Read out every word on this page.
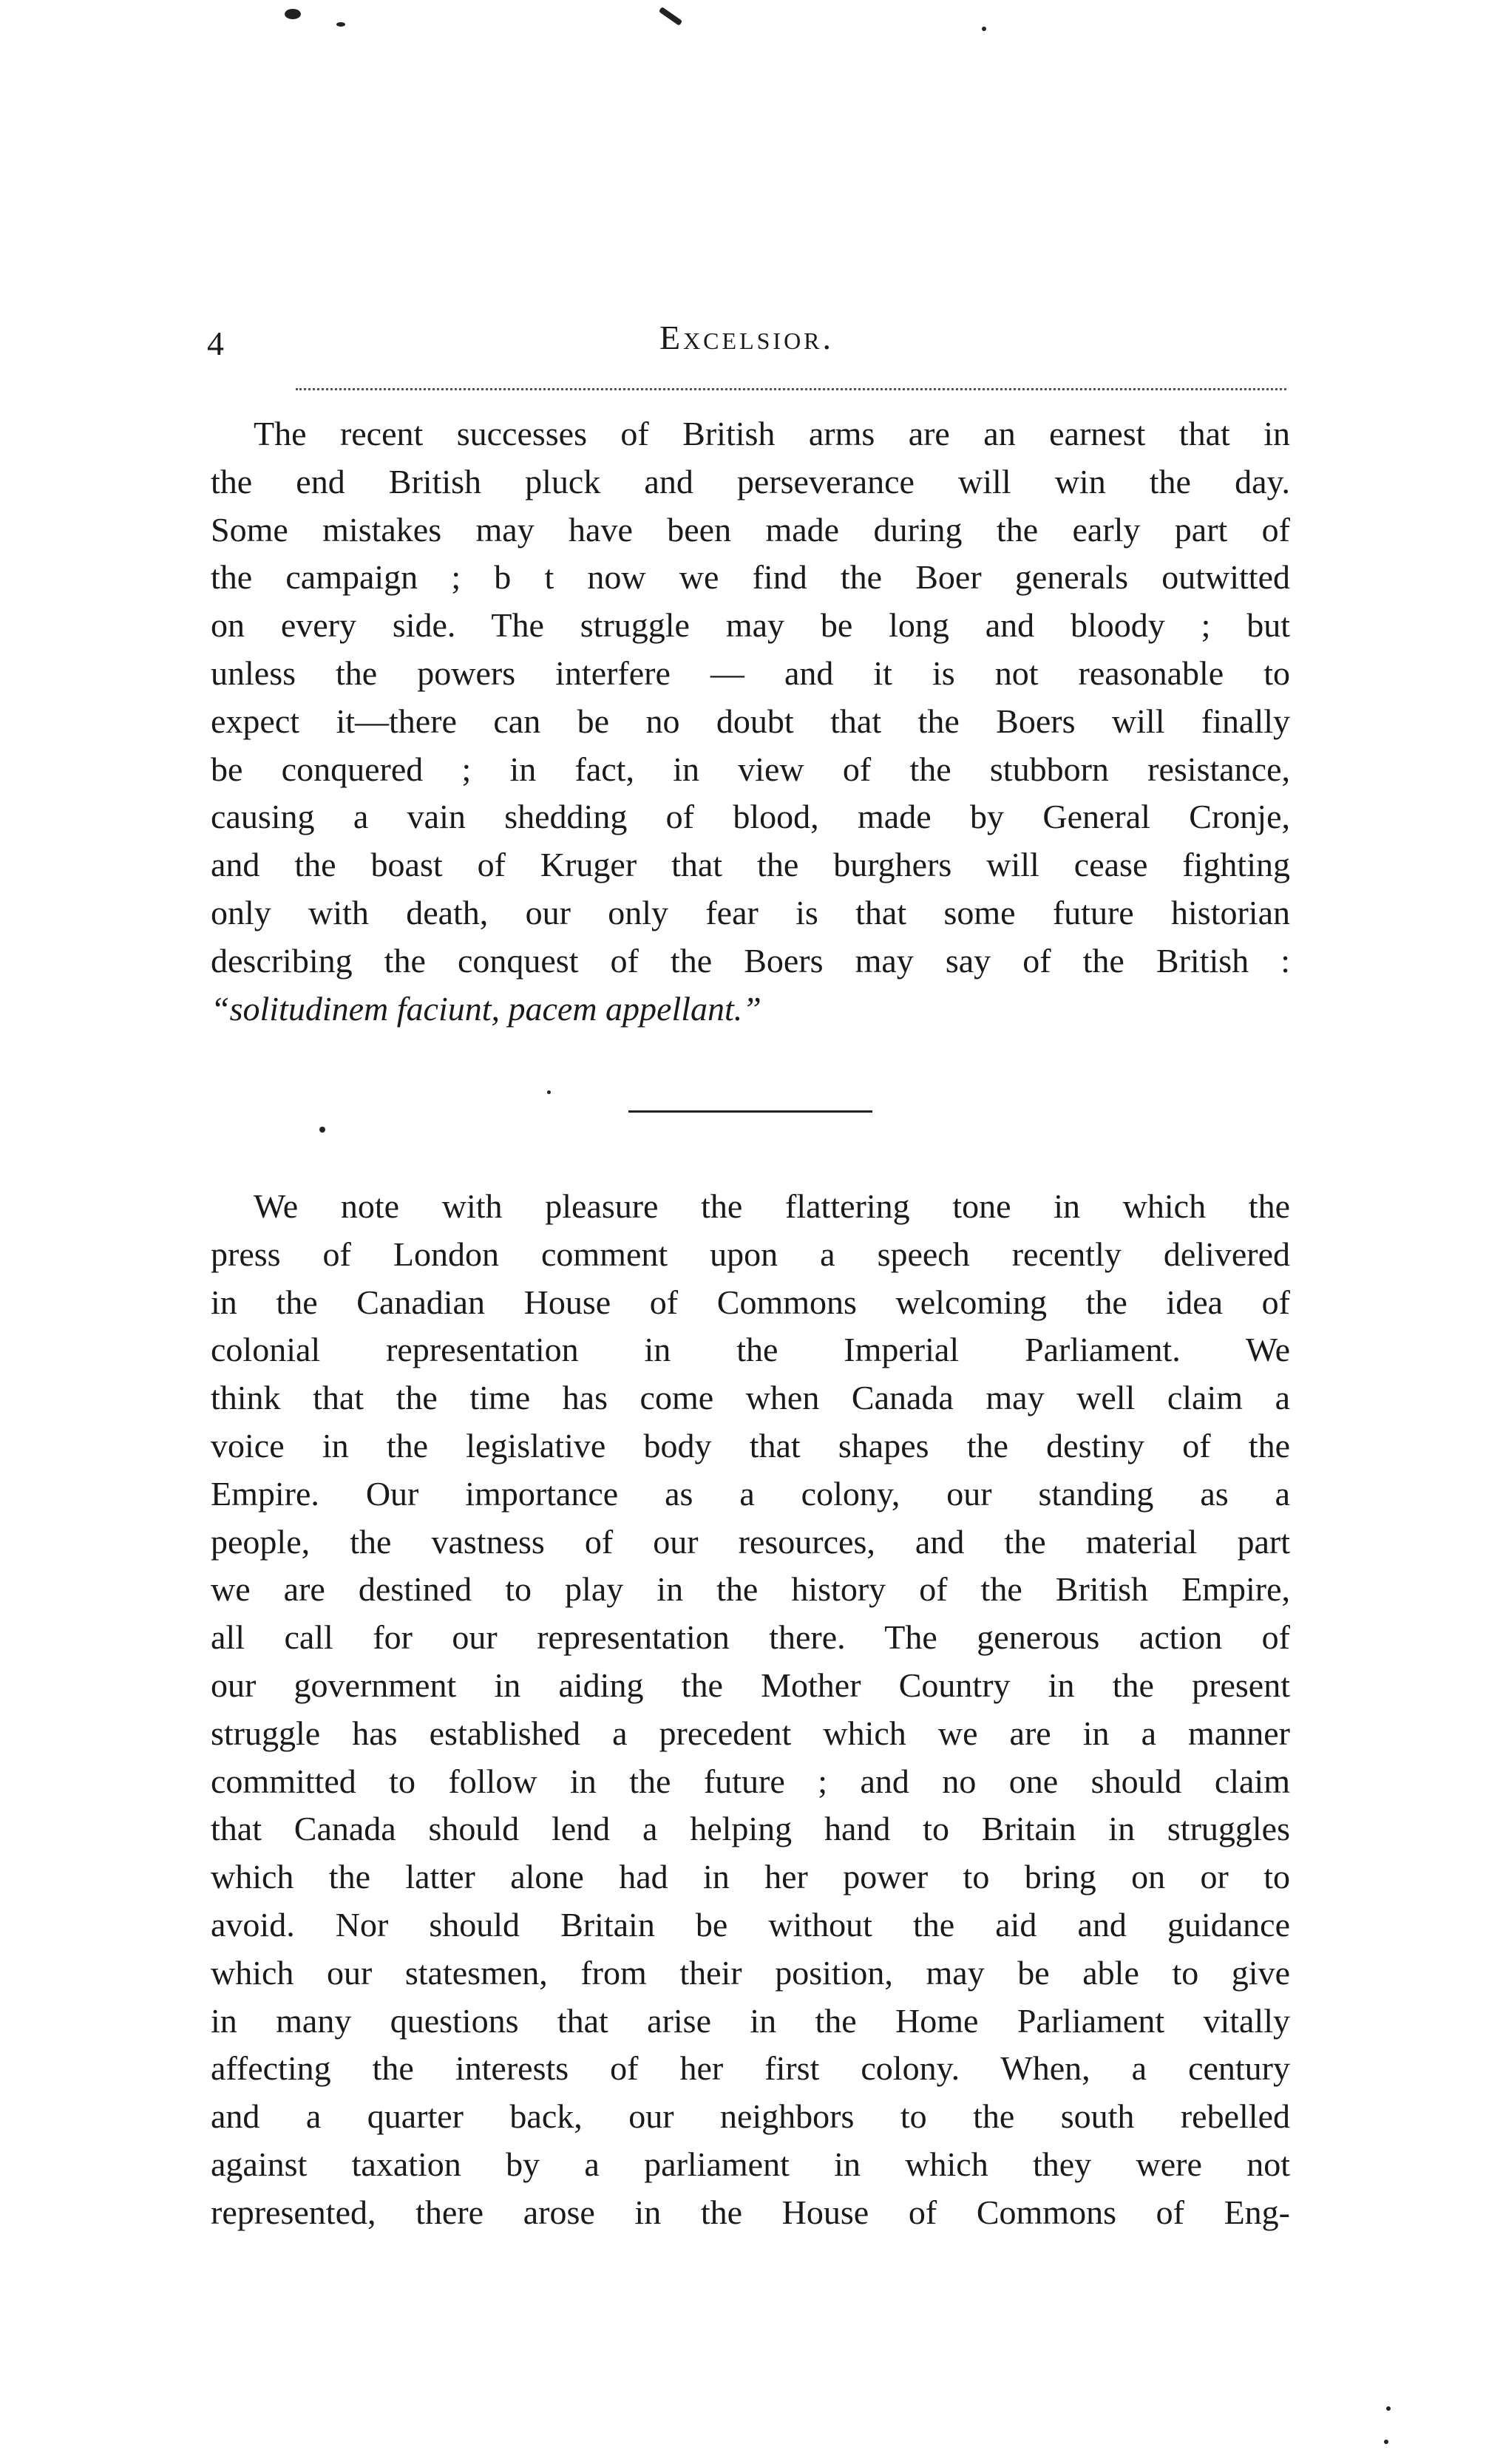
4	Excelsior.
The recent successes of British arms are an earnest that in
the end British pluck and perseverance will win the day.
Some mistakes may have been made during the early part of
the campaign ; b t now we find the Boer generals outwitted
on every side. The struggle may be long and bloody ; but
unless the powers interfere — and it is not reasonable to
expect it—there can be no doubt that the Boers will finally
be conquered ; in fact, in view of the stubborn resistance,
causing a vain shedding of blood, made by General Cronje,
and the boast of Kruger that the burghers will cease fighting
only with death, our only fear is that some future historian
describing the conquest of the Boers may say of the British :
“solitudinem faciunt, pacem appellant.”
We note with pleasure the flattering tone in which the
press of London comment upon a speech recently delivered
in the Canadian House of Commons welcoming the idea of
colonial representation in the Imperial Parliament. We
think that the time has come when Canada may well claim a
voice in the legislative body that shapes the destiny of the
Empire. Our importance as a colony, our standing as a
people, the vastness of our resources, and the material part
we are destined to play in the history of the British Empire,
all call for our representation there. The generous action of
our government in aiding the Mother Country in the present
struggle has established a precedent which we are in a manner
committed to follow in the future ; and no one should claim
that Canada should lend a helping hand to Britain in struggles
which the latter alone had in her power to bring on or to
avoid. Nor should Britain be without the aid and guidance
which our statesmen, from their position, may be able to give
in many questions that arise in the Home Parliament vitally
affecting the interests of her first colony. When, a century
and a quarter back, our neighbors to the south rebelled
against taxation by a parliament in which they were not
represented, there arose in the House of Commons of Eng-
